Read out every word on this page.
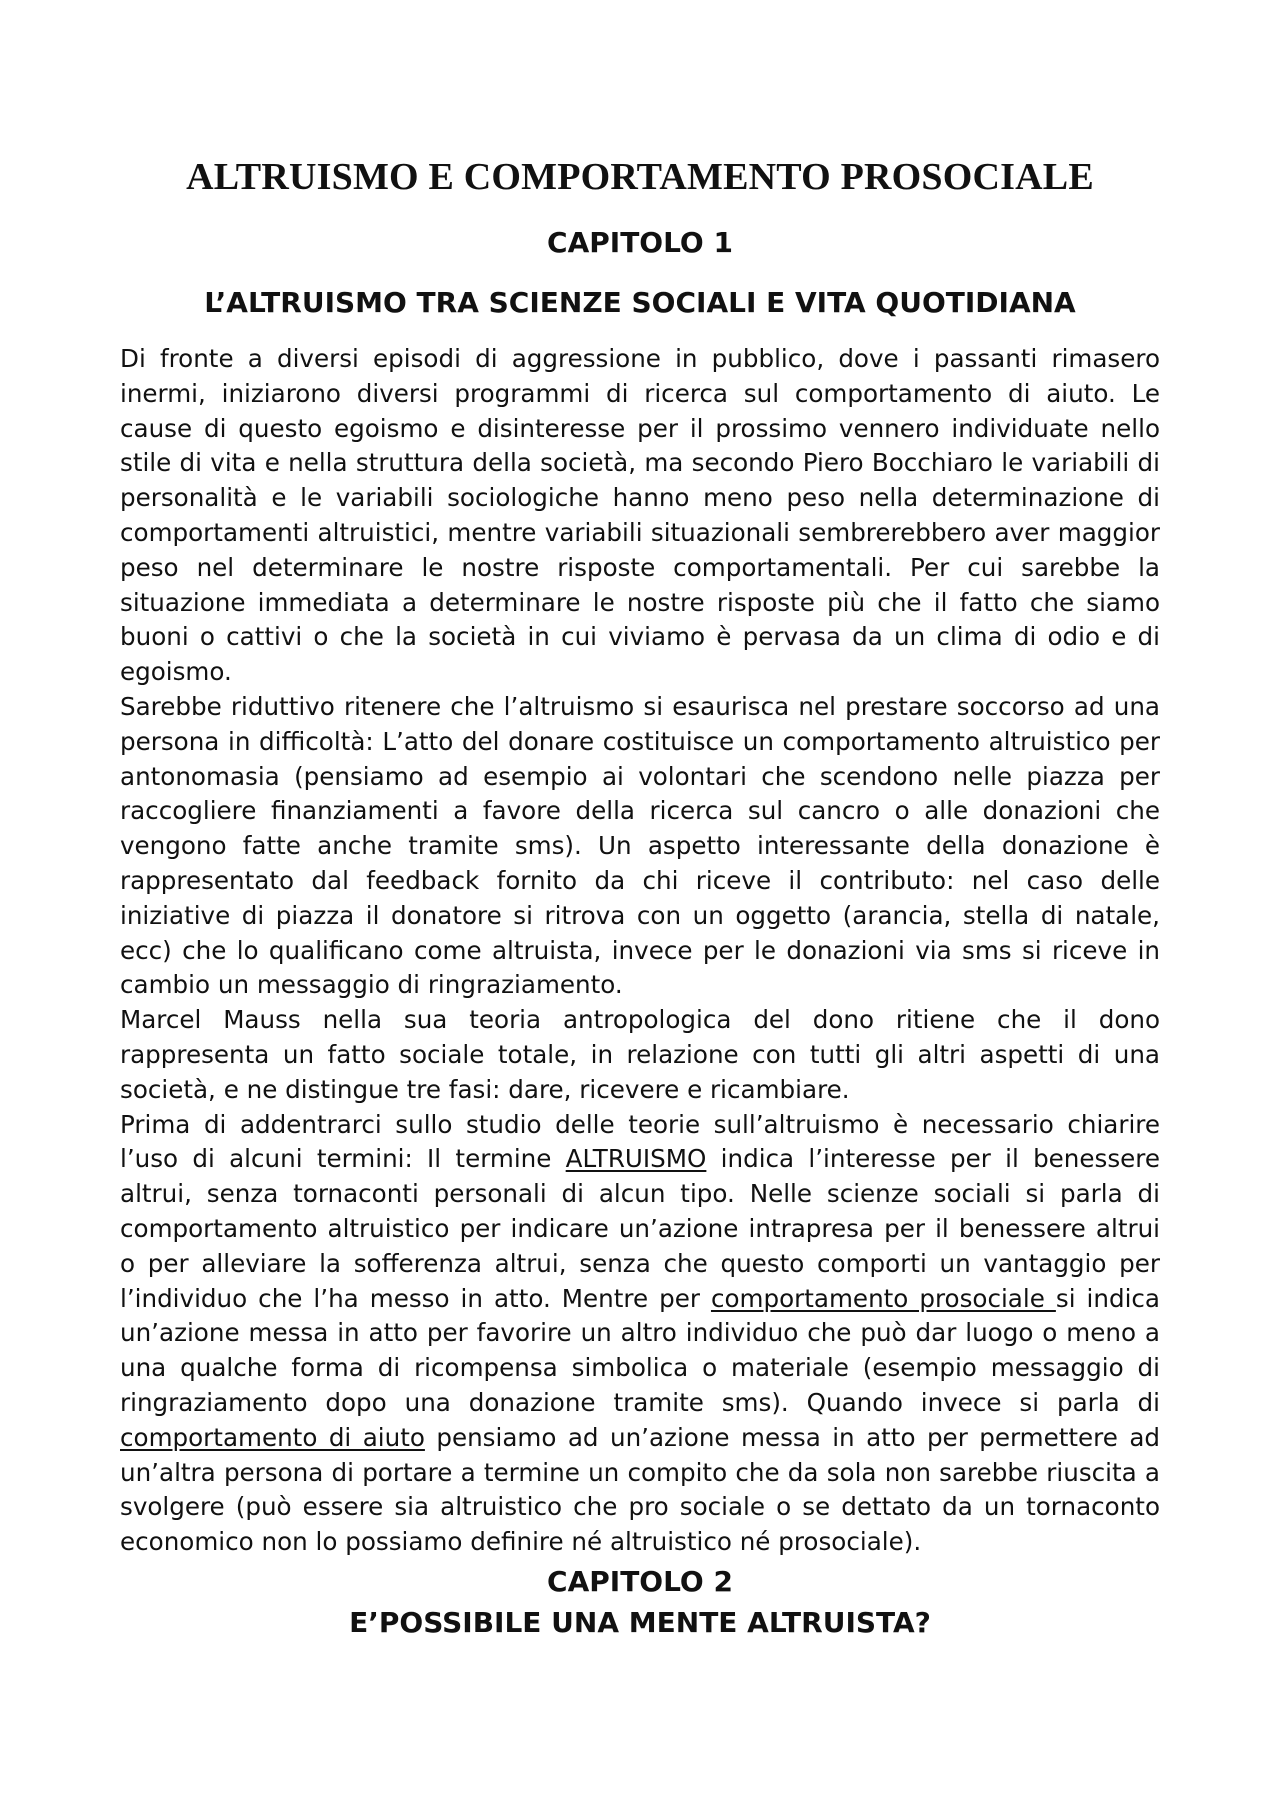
ALTRUISMO E COMPORTAMENTO PROSOCIALE
CAPITOLO 1
L’ALTRUISMO TRA SCIENZE SOCIALI E VITA QUOTIDIANA

Di fronte a diversi episodi di aggressione in pubblico, dove i passanti rimasero inermi, iniziarono diversi programmi di ricerca sul comportamento di aiuto. Le cause di questo egoismo e disinteresse per il prossimo vennero individuate nello stile di vita e nella struttura della società, ma secondo Piero Bocchiaro le variabili di personalità e le variabili sociologiche hanno meno peso nella determinazione di comportamenti altruistici, mentre variabili situazionali sembrerebbero aver maggior peso nel determinare le nostre risposte comportamentali. Per cui sarebbe la situazione immediata a determinare le nostre risposte più che il fatto che siamo buoni o cattivi o che la società in cui viviamo è pervasa da un clima di odio e di egoismo.

Sarebbe riduttivo ritenere che l’altruismo si esaurisca nel prestare soccorso ad una persona in difficoltà: L’atto del donare costituisce un comportamento altruistico per antonomasia (pensiamo ad esempio ai volontari che scendono nelle piazza per raccogliere finanziamenti a favore della ricerca sul cancro o alle donazioni che vengono fatte anche tramite sms). Un aspetto interessante della donazione è rappresentato dal feedback fornito da chi riceve il contributo: nel caso delle iniziative di piazza il donatore si ritrova con un oggetto (arancia, stella di natale, ecc) che lo qualificano come altruista, invece per le donazioni via sms si riceve in cambio un messaggio di ringraziamento.

Marcel Mauss nella sua teoria antropologica del dono ritiene che il dono rappresenta un fatto sociale totale, in relazione con tutti gli altri aspetti di una società, e ne distingue tre fasi: dare, ricevere e ricambiare.

Prima di addentrarci sullo studio delle teorie sull’altruismo è necessario chiarire l’uso di alcuni termini: Il termine ALTRUISMO indica l’interesse per il benessere altrui, senza tornaconti personali di alcun tipo. Nelle scienze sociali si parla di comportamento altruistico per indicare un’azione intrapresa per il benessere altrui o per alleviare la sofferenza altrui, senza che questo comporti un vantaggio per l’individuo che l’ha messo in atto. Mentre per comportamento prosociale si indica un’azione messa in atto per favorire un altro individuo che può dar luogo o meno a una qualche forma di ricompensa simbolica o materiale (esempio messaggio di ringraziamento dopo una donazione tramite sms). Quando invece si parla di comportamento di aiuto pensiamo ad un’azione messa in atto per permettere ad un’altra persona di portare a termine un compito che da sola non sarebbe riuscita a svolgere (può essere sia altruistico che pro sociale o se dettato da un tornaconto economico non lo possiamo definire né altruistico né prosociale).

CAPITOLO 2
E’POSSIBILE UNA MENTE ALTRUISTA?
